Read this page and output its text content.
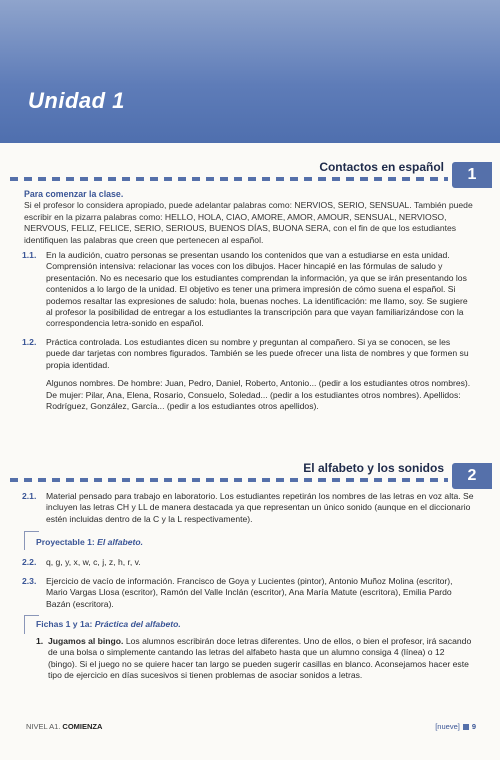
Unidad 1
Contactos en español	1
Para comenzar la clase.
Si el profesor lo considera apropiado, puede adelantar palabras como: NERVIOS, SERIO, SENSUAL. También puede escribir en la pizarra palabras como: HELLO, HOLA, CIAO, AMORE, AMOR, AMOUR, SENSUAL, NERVIOSO, NERVOUS, FELIZ, FELICE, SERIO, SERIOUS, BUENOS DÍAS, BUONA SERA, con el fin de que los estudiantes identifiquen las palabras que creen que pertenecen al español.
1.1. En la audición, cuatro personas se presentan usando los contenidos que van a estudiarse en esta unidad. Comprensión intensiva: relacionar las voces con los dibujos. Hacer hincapié en las fórmulas de saludo y presentación. No es necesario que los estudiantes comprendan la información, ya que se irán presentando los contenidos a lo largo de la unidad. El objetivo es tener una primera impresión de cómo suena el español. Si podemos resaltar las expresiones de saludo: hola, buenas noches. La identificación: me llamo, soy. Se sugiere al profesor la posibilidad de entregar a los estudiantes la transcripción para que vayan familiarizándose con la correspondencia letra-sonido en español.
1.2. Práctica controlada. Los estudiantes dicen su nombre y preguntan al compañero. Si ya se conocen, se les puede dar tarjetas con nombres figurados. También se les puede ofrecer una lista de nombres y que formen su propia identidad.
Algunos nombres. De hombre: Juan, Pedro, Daniel, Roberto, Antonio... (pedir a los estudiantes otros nombres). De mujer: Pilar, Ana, Elena, Rosario, Consuelo, Soledad... (pedir a los estudiantes otros nombres). Apellidos: Rodríguez, González, García... (pedir a los estudiantes otros apellidos).
El alfabeto y los sonidos	2
2.1. Material pensado para trabajo en laboratorio. Los estudiantes repetirán los nombres de las letras en voz alta. Se incluyen las letras CH y LL de manera destacada ya que representan un único sonido (aunque en el diccionario estén incluidas dentro de la C y la L respectivamente).
Proyectable 1: El alfabeto.
2.2. q, g, y, x, w, c, j, z, h, r, v.
2.3. Ejercicio de vacío de información. Francisco de Goya y Lucientes (pintor), Antonio Muñoz Molina (escritor), Mario Vargas Llosa (escritor), Ramón del Valle Inclán (escritor), Ana María Matute (escritora), Emilia Pardo Bazán (escritora).
Fichas 1 y 1a: Práctica del alfabeto.
1. Jugamos al bingo. Los alumnos escribirán doce letras diferentes. Uno de ellos, o bien el profesor, irá sacando de una bolsa o simplemente cantando las letras del alfabeto hasta que un alumno consiga 4 (línea) o 12 (bingo). Si el juego no se quiere hacer tan largo se pueden sugerir casillas en blanco. Aconsejamos hacer este tipo de ejercicio en días sucesivos si tienen problemas de asociar sonidos a letras.
NIVEL A1. COMIENZA	[nueve] 9
